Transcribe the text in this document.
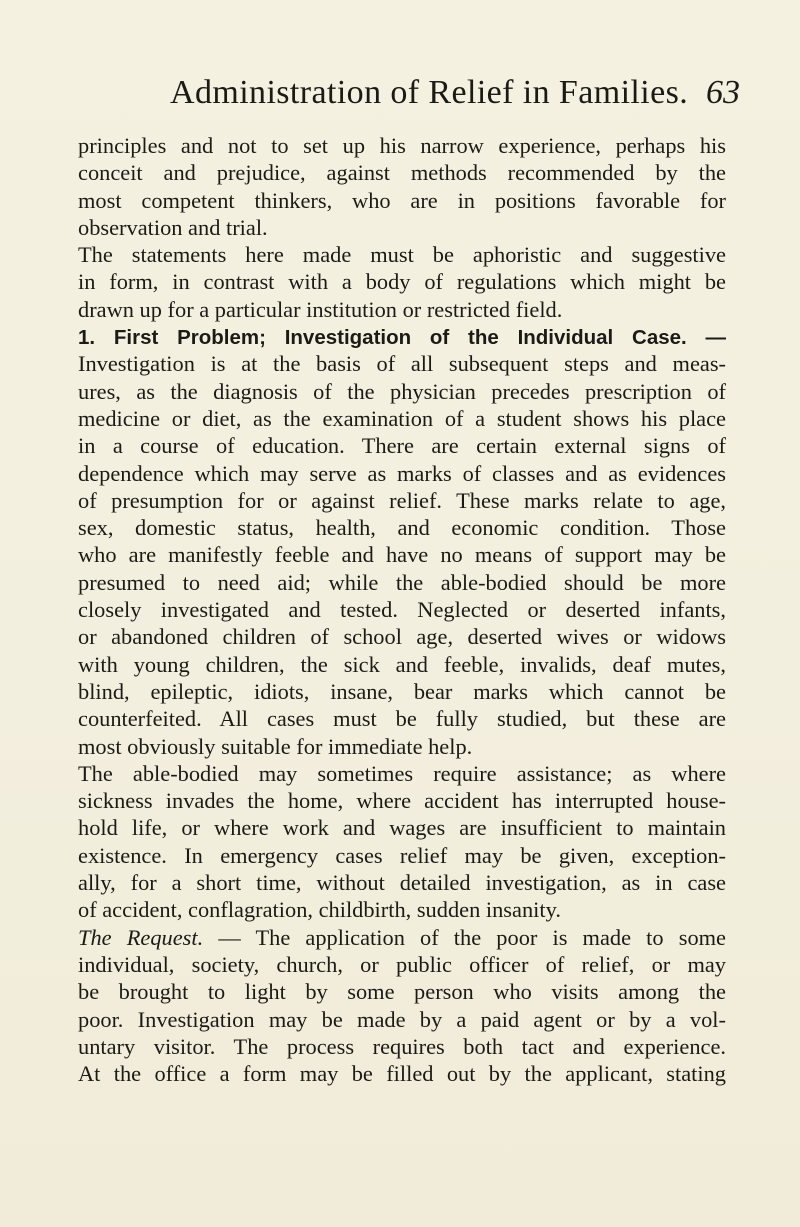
Administration of Relief in Families. 63
principles and not to set up his narrow experience, perhaps his
conceit and prejudice, against methods recommended by the
most competent thinkers, who are in positions favorable for
observation and trial.
The statements here made must be aphoristic and suggestive
in form, in contrast with a body of regulations which might be
drawn up for a particular institution or restricted field.
1. First Problem; Investigation of the Individual Case. —
Investigation is at the basis of all subsequent steps and meas-
ures, as the diagnosis of the physician precedes prescription of
medicine or diet, as the examination of a student shows his place
in a course of education. There are certain external signs of
dependence which may serve as marks of classes and as evidences
of presumption for or against relief. These marks relate to age,
sex, domestic status, health, and economic condition. Those
who are manifestly feeble and have no means of support may be
presumed to need aid; while the able-bodied should be more
closely investigated and tested. Neglected or deserted infants,
or abandoned children of school age, deserted wives or widows
with young children, the sick and feeble, invalids, deaf mutes,
blind, epileptic, idiots, insane, bear marks which cannot be
counterfeited. All cases must be fully studied, but these are
most obviously suitable for immediate help.
The able-bodied may sometimes require assistance; as where
sickness invades the home, where accident has interrupted house-
hold life, or where work and wages are insufficient to maintain
existence. In emergency cases relief may be given, exception-
ally, for a short time, without detailed investigation, as in case
of accident, conflagration, childbirth, sudden insanity.
The Request. — The application of the poor is made to some
individual, society, church, or public officer of relief, or may
be brought to light by some person who visits among the
poor. Investigation may be made by a paid agent or by a vol-
untary visitor. The process requires both tact and experience.
At the office a form may be filled out by the applicant, stating
